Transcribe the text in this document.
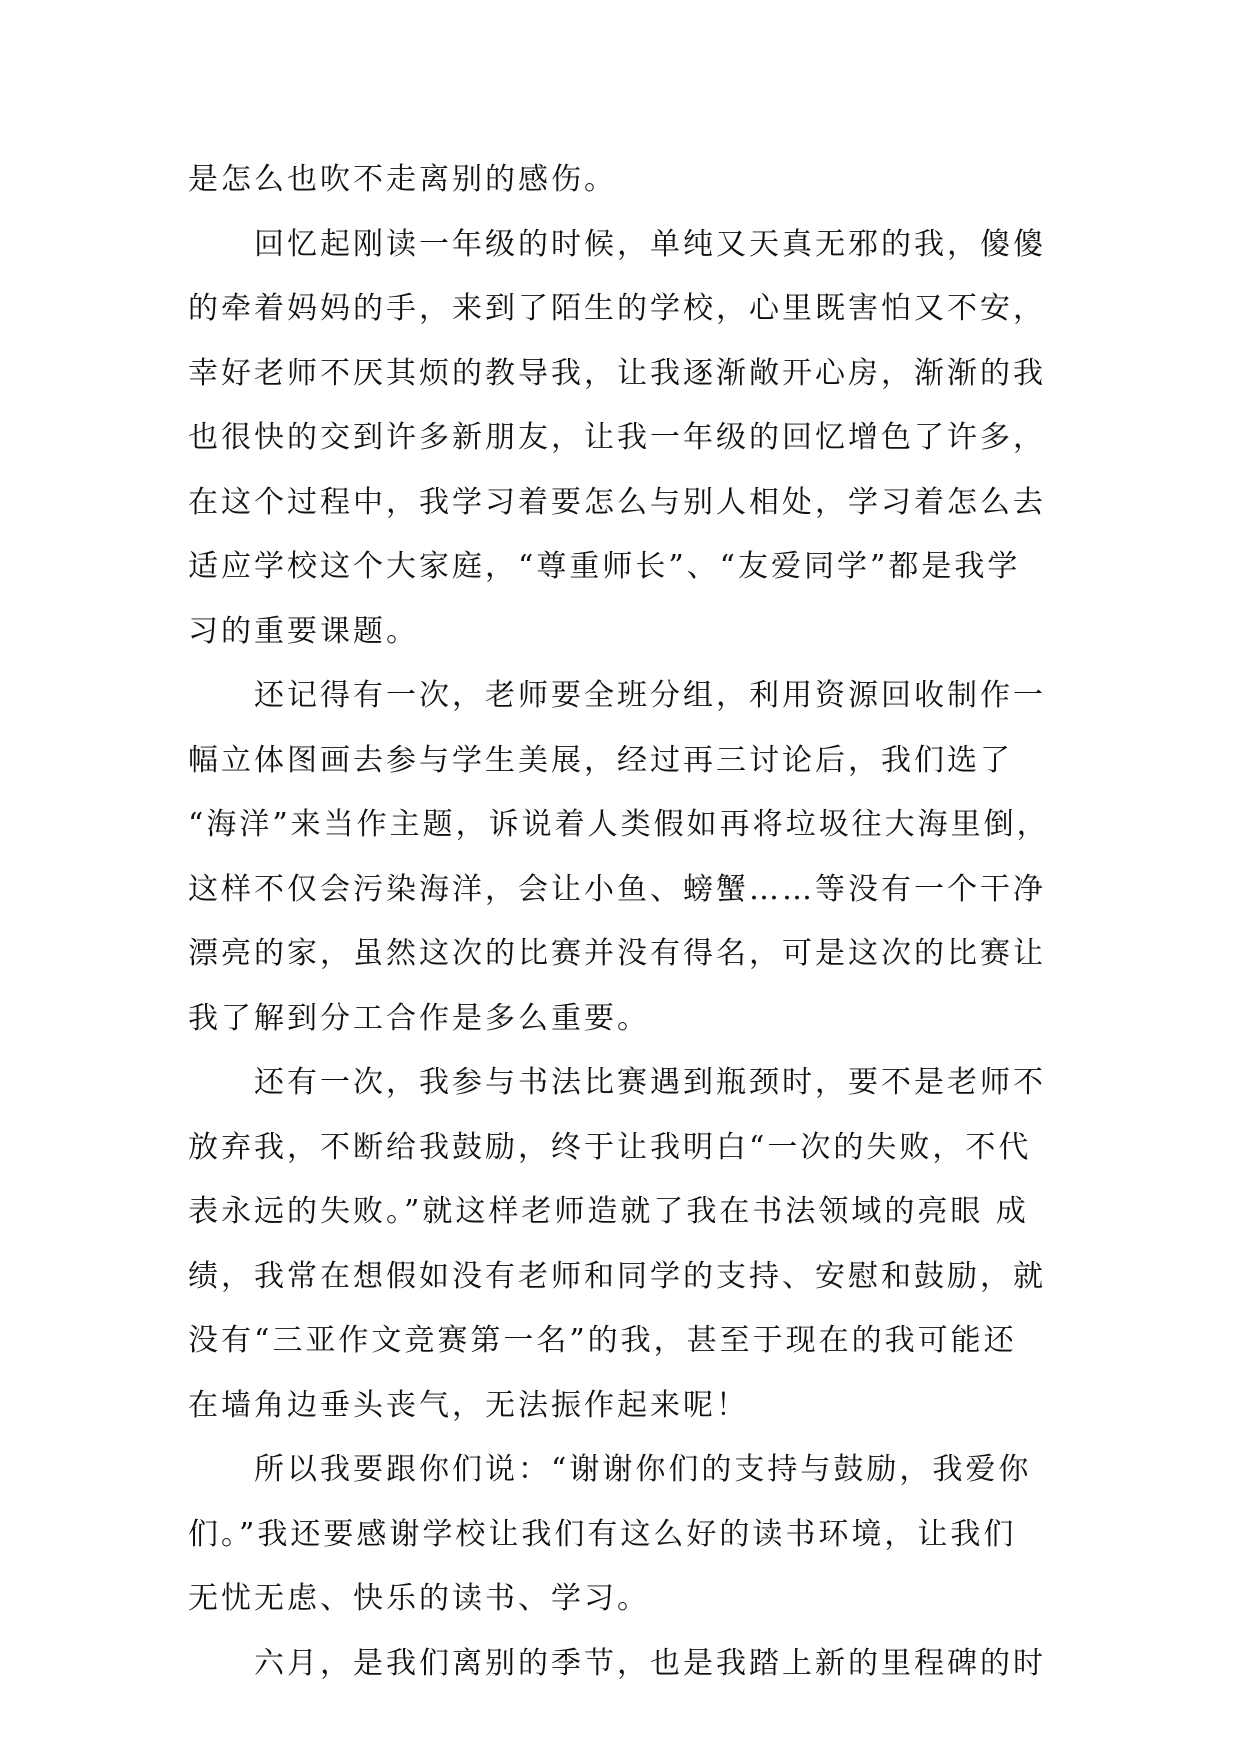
是怎么也吹不走离别的感伤。
回忆起刚读一年级的时候，单纯又天真无邪的我，傻傻
的牵着妈妈的手，来到了陌生的学校，心里既害怕又不安，
幸好老师不厌其烦的教导我，让我逐渐敞开心房，渐渐的我
也很快的交到许多新朋友，让我一年级的回忆增色了许多，
在这个过程中，我学习着要怎么与别人相处，学习着怎么去
适应学校这个大家庭，“尊重师长”、“友爱同学”都是我学
习的重要课题。
还记得有一次，老师要全班分组，利用资源回收制作一
幅立体图画去参与学生美展，经过再三讨论后，我们选了
“海洋”来当作主题，诉说着人类假如再将垃圾往大海里倒，
这样不仅会污染海洋，会让小鱼、螃蟹……等没有一个干净
漂亮的家，虽然这次的比赛并没有得名，可是这次的比赛让
我了解到分工合作是多么重要。
还有一次，我参与书法比赛遇到瓶颈时，要不是老师不
放弃我，不断给我鼓励，终于让我明白“一次的失败，不代
表永远的失败。”就这样老师造就了我在书法领域的亮眼 成
绩，我常在想假如没有老师和同学的支持、安慰和鼓励，就
没有“三亚作文竞赛第一名”的我，甚至于现在的我可能还
在墙角边垂头丧气，无法振作起来呢！
所以我要跟你们说：“谢谢你们的支持与鼓励，我爱你
们。”我还要感谢学校让我们有这么好的读书环境，让我们
无忧无虑、快乐的读书、学习。
六月，是我们离别的季节，也是我踏上新的里程碑的时
